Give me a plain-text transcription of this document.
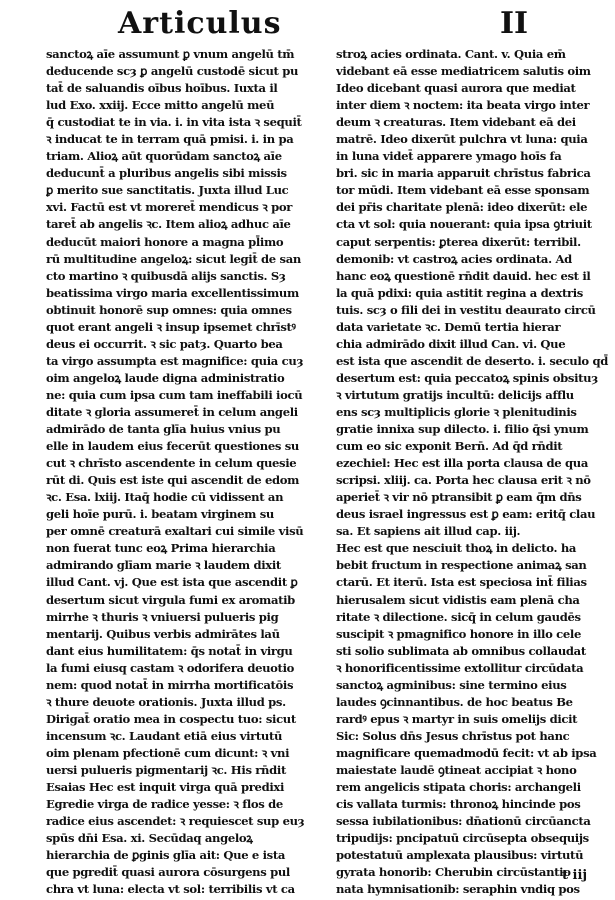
Articulus	II
sanctoꝝ aīe assumunt ꝑ vnum angelū tm̄
deducende scȝ ꝑ angelū custodē sicut pu
tat̄ de saluandis oībus hoībus. Iuxta il
lud Exo. xxiij. Ecce mitto angelū meū
q̄ custodiat te in via. i. in vita ista ꝛ sequit̄
ꝛ inducat te in terram quā pmisi. i. in pa
triam. Alioꝝ aūt quorūdam sanctoꝝ aīe
deducunt̄ a pluribus angelis sibi missis
ꝑ merito sue sanctitatis. Juxta illud Luc
xvi. Factū est vt moreret̄ mendicus ꝛ por
taret̄ ab angelis ꝛc. Item alioꝝ adhuc aīe
deducūt maiori honore a magna pl̄imo
rū multitudine angeloꝝ: sicut legit̄ de san
cto martino ꝛ quibusdā alijs sanctis. Sȝ
beatissima virgo maria excellentissimum
obtinuit honorē sup omnes: quia omnes
quot erant angeli ꝛ insup ipsemet chrīstꝰ
deus ei occurrit. ꝛ sic patȝ. Quarto bea
ta virgo assumpta est magnifice: quia cuȝ
oim angeloꝝ laude digna administratio
ne: quia cum ipsa cum tam ineffabili iocū
ditate ꝛ gloria assumeret̄ in celum angeli
admirādo de tanta glīa huius vnius pu
elle in laudem eius fecerūt questiones su
cut ꝛ chrīsto ascendente in celum quesie
rūt di. Quis est iste qui ascendit de edom
ꝛc. Esa. lxiij. Itaq̄ hodie cū vidissent an
geli hoīe purū. i. beatam virginem su
per omnē creaturā exaltari cui simile visū
non fuerat tunc eoꝝ Prima hierarchia
admirando glīam marie ꝛ laudem dixit
illud Cant. vj. Que est ista que ascendit ꝑ
desertum sicut virgula fumi ex aromatib
mirrhe ꝛ thuris ꝛ vniuersi pulueris pig
mentarij. Quibus verbis admirātes laū
dant eius humilitatem: q̄s notat̄ in virgu
la fumi eiusq castam ꝛ odorifera deuotio
nem: quod notat̄ in mirrha mortificatōis
ꝛ thure deuote orationis. Juxta illud ps.
Dirigat̄ oratio mea in cospectu tuo: sicut
incensum ꝛc. Laudant etiā eius virtutū
oim plenam pfectionē cum dicunt: ꝛ vni
uersi pulueris pigmentarij ꝛc. His rn̄dit
Esaias Hec est inquit virga quā predixi
Egredie virga de radice yesse: ꝛ flos de
radice eius ascendet: ꝛ requiescet sup euȝ
spūs dn̄i Esa. xi. Secūdaq angeloꝝ
hierarchia de ꝑginis glīa ait: Que e ista
que pgredit̄ quasi aurora cōsurgens pul
chra vt luna: electa vt sol: terribilis vt ca
stroꝝ acies ordinata. Cant. v. Quia em̄
videbant eā esse mediatricem salutis oim
Ideo dicebant quasi aurora que mediat
inter diem ꝛ noctem: ita beata virgo inter
deum ꝛ creaturas. Item videbant eā dei
matrē. Ideo dixerūt pulchra vt luna: quia
in luna videt̄ apparere ymago hoīs fa
bri. sic in maria apparuit chrīstus fabrica
tor mūdi. Item videbant eā esse sponsam
dei pr̄is charitate plenā: ideo dixerūt: ele
cta vt sol: quia nouerant: quia ipsa ꝯtriuit
caput serpentis: ꝑterea dixerūt: terribil.
demonib: vt castroꝝ acies ordinata. Ad
hanc eoꝝ questionē rn̄dit dauid. hec est il
la quā pdixi: quia astitit regina a dextris
tuis. scȝ o fili dei in vestitu deaurato circū
data varietate ꝛc. Demū tertia hierar
chia admirādo dixit illud Can. vi. Que
est ista que ascendit de deserto. i. seculo qd̄
desertum est: quia peccatoꝝ spinis obsituȝ
ꝛ virtutum gratijs incultū: delicijs afflu
ens scȝ multiplicis glorie ꝛ plenitudinis
gratie innixa sup dilecto. i. filio q̄si ynum
cum eo sic exponit Bern̄. Ad q̄d rn̄dit
ezechiel: Hec est illa porta clausa de qua
scripsi. xliij. ca. Porta hec clausa erit ꝛ nō
aperiet̄ ꝛ vir nō ptransibit ꝑ eam q̄m dn̄s
deus israel ingressus est ꝑ eam: eritq̄ clau
sa. Et sapiens ait illud cap. iij.
Hec est que nesciuit thoꝝ in delicto. ha
bebit fructum in respectione animaꝝ san
ctarū. Et iterū. Ista est speciosa int̄ filias
hierusalem sicut vidistis eam plenā cha
ritate ꝛ dilectione. sicq̄ in celum gaudēs
suscipit ꝛ pmagnifico honore in illo cele
sti solio sublimata ab omnibus collaudat
ꝛ honorificentissime extollitur circūdata
sanctoꝝ agminibus: sine termino eius
laudes ꝯcinnantibus. de hoc beatus Be
rardꝰ epus ꝛ martyr in suis omelijs dicit
Sic: Solus dn̄s Jesus chrīstus pot hanc
magnificare quemadmodū fecit: vt ab ipsa
maiestate laudē ꝯtineat accipiat ꝛ hono
rem angelicis stipata choris: archangeli
cis vallata turmis: thronoꝝ hincinde pos
sessa iubilationibus: dn̄ationū circūancta
tripudijs: pncipatuū circūsepta obsequijs
potestatuū amplexata plausibus: virtutū
gyrata honorib: Cherubin circūstantio
nata hymnisationib: seraphin vndiq pos
t iij
